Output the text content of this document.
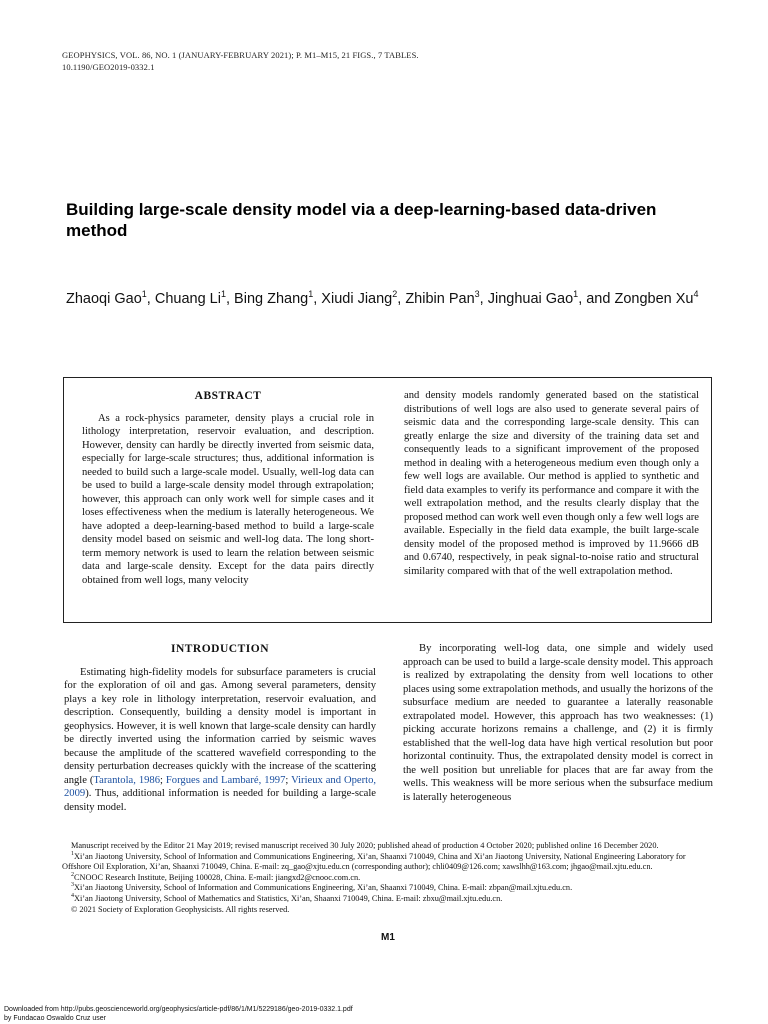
GEOPHYSICS, VOL. 86, NO. 1 (JANUARY-FEBRUARY 2021); P. M1–M15, 21 FIGS., 7 TABLES.
10.1190/GEO2019-0332.1
Building large-scale density model via a deep-learning-based data-driven method
Zhaoqi Gao$^1$, Chuang Li$^1$, Bing Zhang$^1$, Xiudi Jiang$^2$, Zhibin Pan$^3$, Jinghuai Gao$^1$, and Zongben Xu$^4$
ABSTRACT

As a rock-physics parameter, density plays a crucial role in lithology interpretation, reservoir evaluation, and description. However, density can hardly be directly inverted from seismic data, especially for large-scale structures; thus, additional information is needed to build such a large-scale model. Usually, well-log data can be used to build a large-scale density model through extrapolation; however, this approach can only work well for simple cases and it loses effectiveness when the medium is laterally heterogeneous. We have adopted a deep-learning-based method to build a large-scale density model based on seismic and well-log data. The long short-term memory network is used to learn the relation between seismic data and large-scale density. Except for the data pairs directly obtained from well logs, many velocity

and density models randomly generated based on the statistical distributions of well logs are also used to generate several pairs of seismic data and the corresponding large-scale density. This can greatly enlarge the size and diversity of the training data set and consequently leads to a significant improvement of the proposed method in dealing with a heterogeneous medium even though only a few well logs are available. Our method is applied to synthetic and field data examples to verify its performance and compare it with the well extrapolation method, and the results clearly display that the proposed method can work well even though only a few well logs are available. Especially in the field data example, the built large-scale density model of the proposed method is improved by 11.9666 dB and 0.6740, respectively, in peak signal-to-noise ratio and structural similarity compared with that of the well extrapolation method.

INTRODUCTION

Estimating high-fidelity models for subsurface parameters is crucial for the exploration of oil and gas. Among several parameters, density plays a key role in lithology interpretation, reservoir evaluation, and description. Consequently, building a density model is important in geophysics. However, it is well known that large-scale density can hardly be directly inverted using the information carried by seismic waves because the amplitude of the scattered wavefield corresponding to the density perturbation decreases quickly with the increase of the scattering angle (Tarantola, 1986; Forgues and Lambaré, 1997; Virieux and Operto, 2009). Thus, additional information is needed for building a large-scale density model.

By incorporating well-log data, one simple and widely used approach can be used to build a large-scale density model. This approach is realized by extrapolating the density from well locations to other places using some extrapolation methods, and usually the horizons of the subsurface medium are needed to guarantee a laterally reasonable extrapolated model. However, this approach has two weaknesses: (1) picking accurate horizons remains a challenge, and (2) it is firmly established that the well-log data have high vertical resolution but poor horizontal continuity. Thus, the extrapolated density model is correct in the well position but unreliable for places that are far away from the wells. This weakness will be more serious when the subsurface medium is laterally heterogeneous

Manuscript received by the Editor 21 May 2019; revised manuscript received 30 July 2020; published ahead of production 4 October 2020; published online 16 December 2020.

$^1$Xi’an Jiaotong University, School of Information and Communications Engineering, Xi’an, Shaanxi 710049, China and Xi’an Jiaotong University, National Engineering Laboratory for Offshore Oil Exploration, Xi’an, Shaanxi 710049, China. E-mail: zq_gao@xjtu.edu.cn (corresponding author); chli0409@126.com; xawslhh@163.com; jhgao@mail.xjtu.edu.cn.

$^2$CNOOC Research Institute, Beijing 100028, China. E-mail: jiangxd2@cnooc.com.cn.

$^3$Xi’an Jiaotong University, School of Information and Communications Engineering, Xi’an, Shaanxi 710049, China. E-mail: zbpan@mail.xjtu.edu.cn.

$^4$Xi’an Jiaotong University, School of Mathematics and Statistics, Xi’an, Shaanxi 710049, China. E-mail: zbxu@mail.xjtu.edu.cn.

© 2021 Society of Exploration Geophysicists. All rights reserved.

M1
Downloaded from http://pubs.geoscienceworld.org/geophysics/article-pdf/86/1/M1/5229186/geo-2019-0332.1.pdf
by Fundacao Oswaldo Cruz user
